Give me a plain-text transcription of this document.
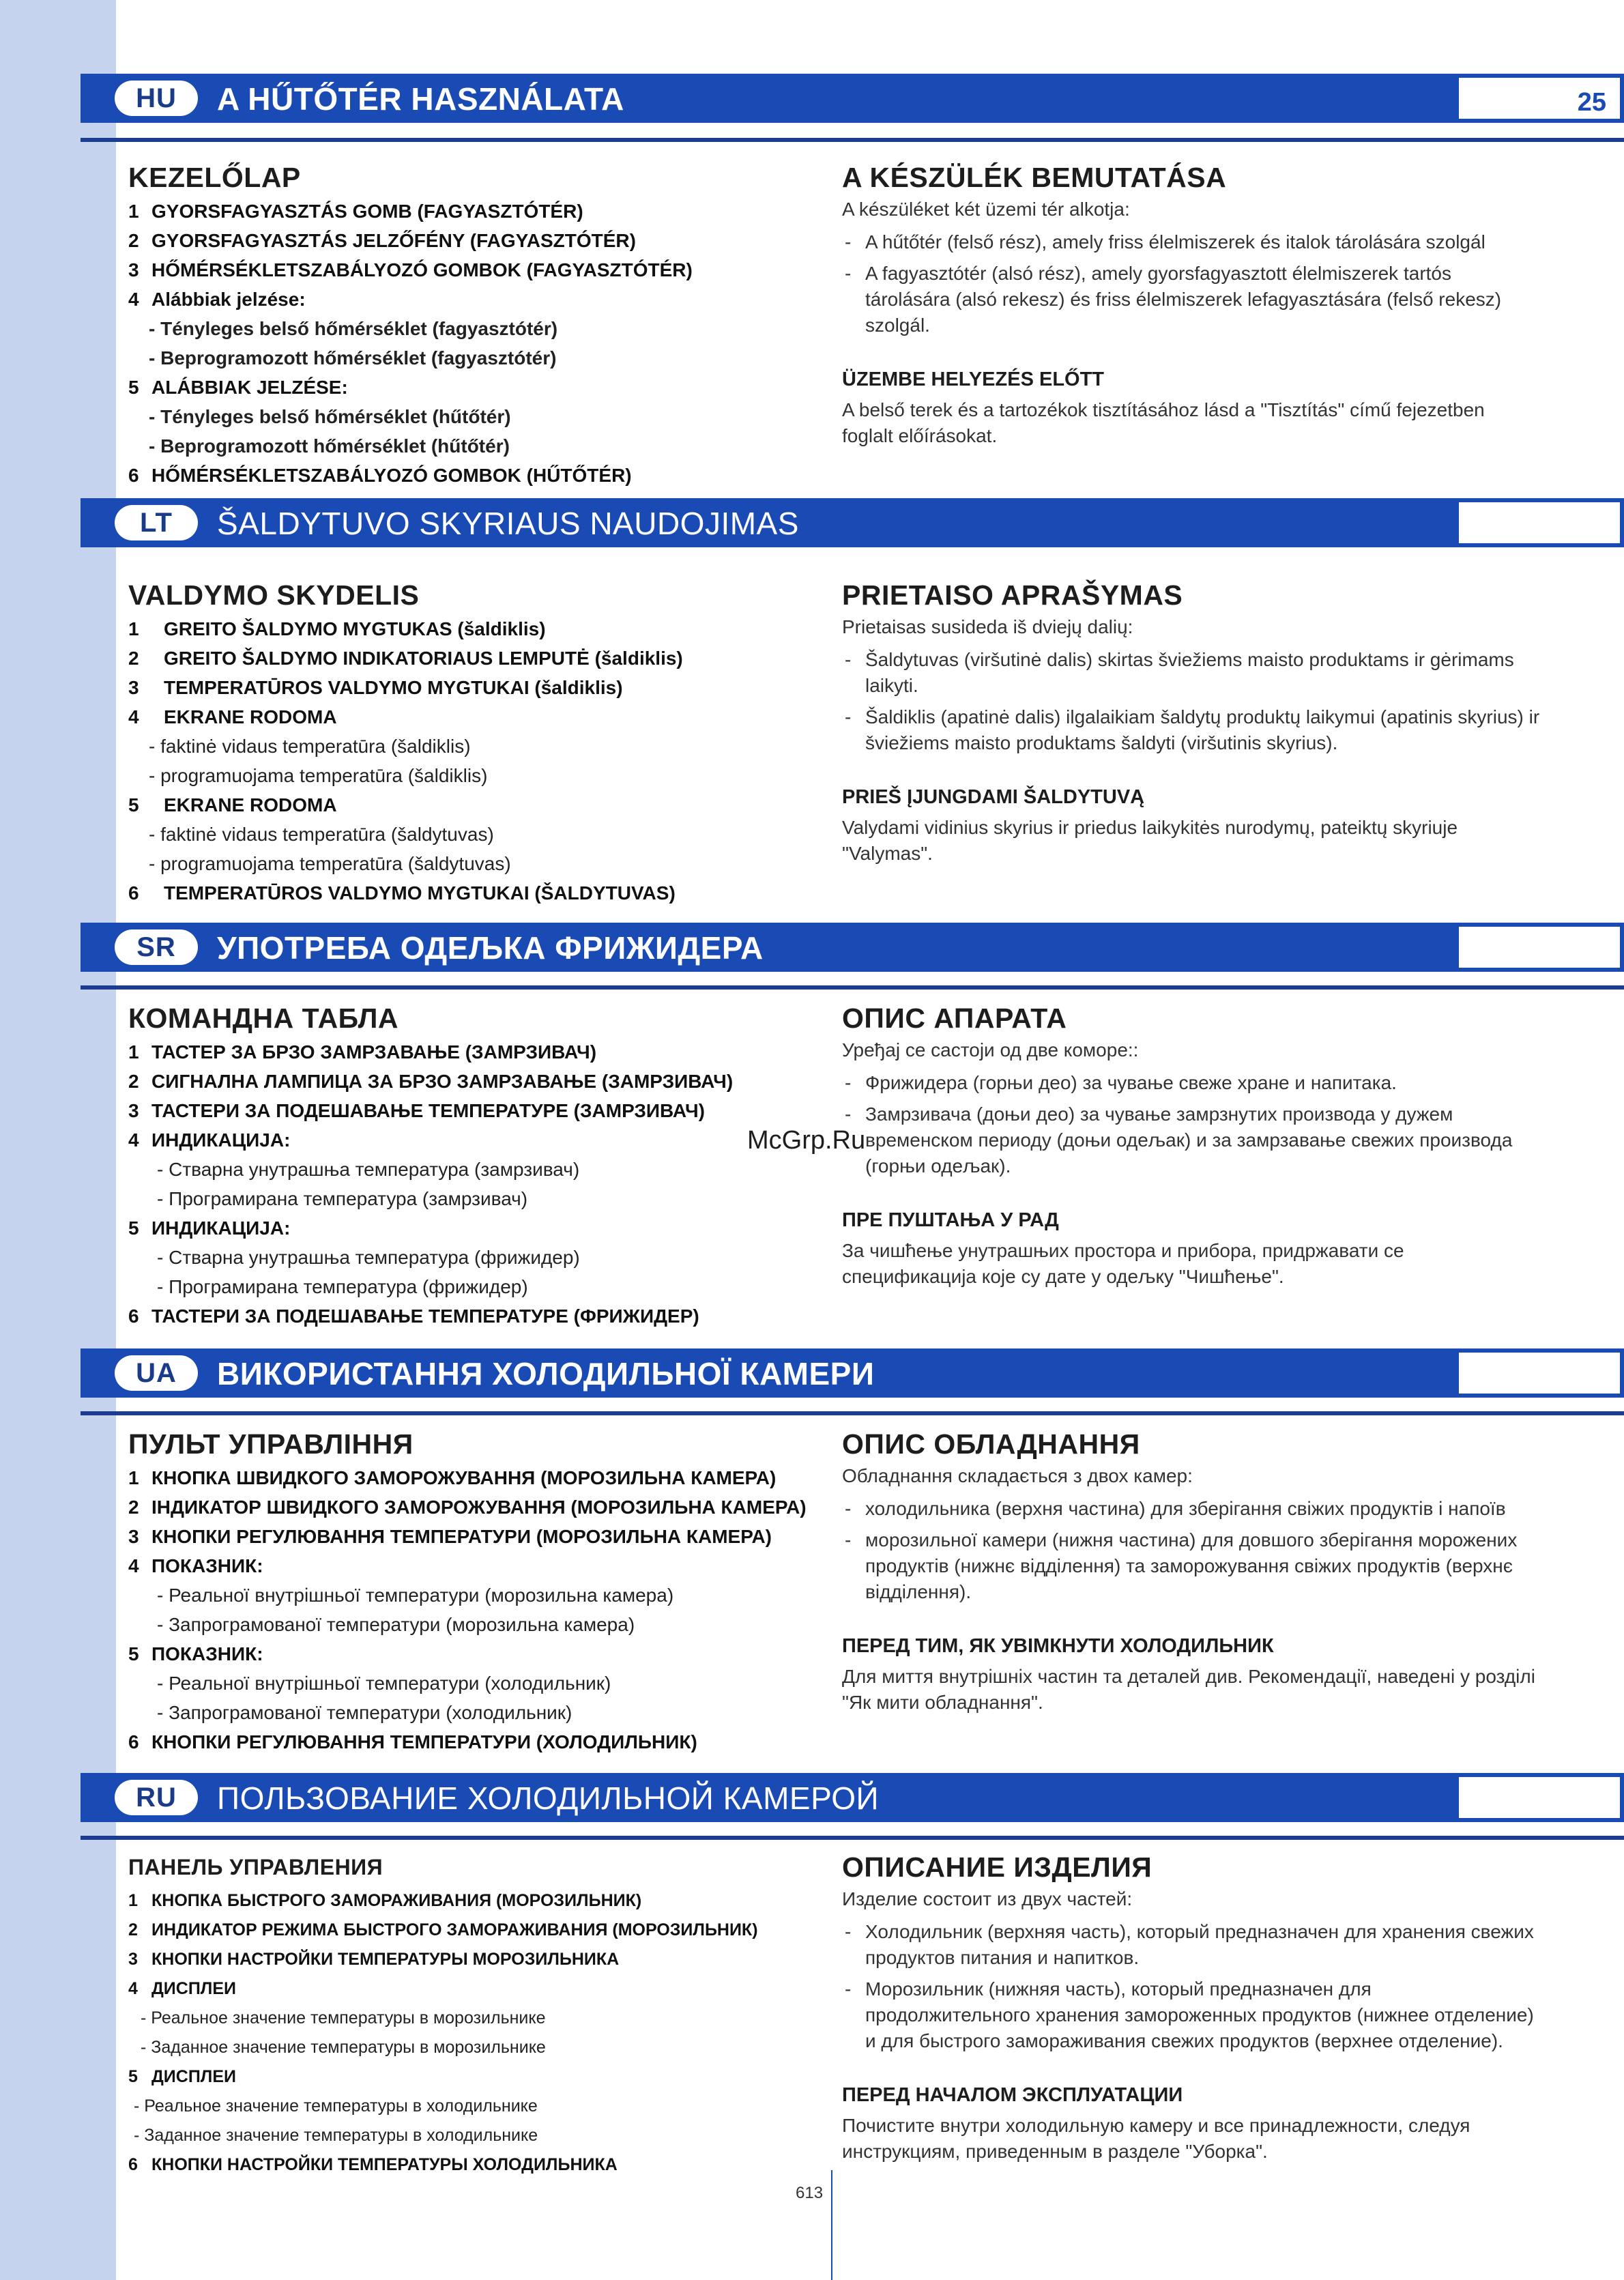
HU	A HŰTŐTÉR HASZNÁLATA	25
KEZELŐLAP
1 GYORSFAGYASZTÁS GOMB (FAGYASZTÓTÉR)
2 GYORSFAGYASZTÁS JELZŐFÉNY (FAGYASZTÓTÉR)
3 HŐMÉRSÉKLETSZABÁLYOZÓ GOMBOK (FAGYASZTÓTÉR)
4 Alábbiak jelzése:
- Tényleges belső hőmérséklet (fagyasztótér)
- Beprogramozott hőmérséklet (fagyasztótér)
5 ALÁBBIAK JELZÉSE:
- Tényleges belső hőmérséklet (hűtőtér)
- Beprogramozott hőmérséklet (hűtőtér)
6 HŐMÉRSÉKLETSZABÁLYOZÓ GOMBOK (HŰTŐTÉR)
A KÉSZÜLÉK BEMUTATÁSA
A készüléket két üzemi tér alkotja:
- A hűtőtér (felső rész), amely friss élelmiszerek és italok tárolására szolgál
- A fagyasztótér (alsó rész), amely gyorsfagyasztott élelmiszerek tartós tárolására (alsó rekesz) és friss élelmiszerek lefagyasztására (felső rekesz) szolgál.
ÜZEMBE HELYEZÉS ELŐTT
A belső terek és a tartozékok tisztításához lásd a "Tisztítás" című fejezetben foglalt előírásokat.
LT	ŠALDYTUVO SKYRIAUS NAUDOJIMAS
VALDYMO SKYDELIS
1 GREITO ŠALDYMO MYGTUKAS (šaldiklis)
2 GREITO ŠALDYMO INDIKATORIAUS LEMPUTĖ (šaldiklis)
3 TEMPERATŪROS VALDYMO MYGTUKAI (šaldiklis)
4 EKRANE RODOMA
- faktinė vidaus temperatūra (šaldiklis)
- programuojama temperatūra (šaldiklis)
5 EKRANE RODOMA
- faktinė vidaus temperatūra (šaldytuvas)
- programuojama temperatūra (šaldytuvas)
6 TEMPERATŪROS VALDYMO MYGTUKAI (ŠALDYTUVAS)
PRIETAISO APRAŠYMAS
Prietaisas susideda iš dviejų dalių:
- Šaldytuvas (viršutinė dalis) skirtas šviežiems maisto produktams ir gėrimams laikyti.
- Šaldiklis (apatinė dalis) ilgalaikiam šaldytų produktų laikymui (apatinis skyrius) ir šviežiems maisto produktams šaldyti (viršutinis skyrius).
PRIEŠ ĮJUNGDAMI ŠALDYTUVĄ
Valydami vidinius skyrius ir priedus laikykitės nurodymų, pateiktų skyriuje "Valymas".
SR	УПОТРЕБА ОДЕЉКА ФРИЖИДЕРА
КОМАНДНА ТАБЛА
1 ТАСТЕР ЗА БРЗО ЗАМРЗАВАЊЕ (ЗАМРЗИВАЧ)
2 СИГНАЛНА ЛАМПИЦА ЗА БРЗО ЗАМРЗАВАЊЕ (ЗАМРЗИВАЧ)
3 ТАСТЕРИ ЗА ПОДЕШАВАЊЕ ТЕМПЕРАТУРЕ (ЗАМРЗИВАЧ)
4 ИНДИКАЦИЈА:
- Стварна унутрашња температура (замрзивач)
- Програмирана температура (замрзивач)
5 ИНДИКАЦИЈА:
- Стварна унутрашња температура (фрижидер)
- Програмирана температура (фрижидер)
6 ТАСТЕРИ ЗА ПОДЕШАВАЊЕ ТЕМПЕРАТУРЕ (ФРИЖИДЕР)
ОПИС АПАРАТА
Уређај се састоји од две коморе::
- Фрижидера (горњи део) за чување свеже хране и напитака.
- Замрзивача (доњи део) за чување замрзнутих производа у дужем временском периоду (доњи одељак) и за замрзавање свежих производа (горњи одељак).
ПРЕ ПУШТАЊА У РАД
За чишћење унутрашњих простора и прибора, придржавати се спецификација које су дате у одељку "Чишћење".
McGrp.Ru
UA	ВИКОРИСТАННЯ ХОЛОДИЛЬНОЇ КАМЕРИ
ПУЛЬТ УПРАВЛІННЯ
1 КНОПКА ШВИДКОГО ЗАМОРОЖУВАННЯ (МОРОЗИЛЬНА КАМЕРА)
2 ІНДИКАТОР ШВИДКОГО ЗАМОРОЖУВАННЯ (МОРОЗИЛЬНА КАМЕРА)
3 КНОПКИ РЕГУЛЮВАННЯ ТЕМПЕРАТУРИ (МОРОЗИЛЬНА КАМЕРА)
4 ПОКАЗНИК:
- Реальної внутрішньої температури (морозильна камера)
- Запрограмованої температури (морозильна камера)
5 ПОКАЗНИК:
- Реальної внутрішньої температури (холодильник)
- Запрограмованої температури (холодильник)
6 КНОПКИ РЕГУЛЮВАННЯ ТЕМПЕРАТУРИ (ХОЛОДИЛЬНИК)
ОПИС ОБЛАДНАННЯ
Обладнання складається з двох камер:
- холодильника (верхня частина) для зберігання свіжих продуктів і напоїв
- морозильної камери (нижня частина) для довшого зберігання морожених продуктів (нижнє відділення) та заморожування свіжих продуктів (верхнє відділення).
ПЕРЕД ТИМ, ЯК УВІМКНУТИ ХОЛОДИЛЬНИК
Для миття внутрішніх частин та деталей див. Рекомендації, наведені у розділі "Як мити обладнання".
RU	ПОЛЬЗОВАНИЕ ХОЛОДИЛЬНОЙ КАМЕРОЙ
ПАНЕЛЬ УПРАВЛЕНИЯ
1 КНОПКА БЫСТРОГО ЗАМОРАЖИВАНИЯ (МОРОЗИЛЬНИК)
2 ИНДИКАТОР РЕЖИМА БЫСТРОГО ЗАМОРАЖИВАНИЯ (МОРОЗИЛЬНИК)
3 КНОПКИ НАСТРОЙКИ ТЕМПЕРАТУРЫ МОРОЗИЛЬНИКА
4 ДИСПЛЕИ
- Реальное значение температуры в морозильнике
- Заданное значение температуры в морозильнике
5 ДИСПЛЕИ
- Реальное значение температуры в холодильнике
- Заданное значение температуры в холодильнике
6 КНОПКИ НАСТРОЙКИ ТЕМПЕРАТУРЫ ХОЛОДИЛЬНИКА
ОПИСАНИЕ ИЗДЕЛИЯ
Изделие состоит из двух частей:
- Холодильник (верхняя часть), который предназначен для хранения свежих продуктов питания и напитков.
- Морозильник (нижняя часть), который предназначен для продолжительного хранения замороженных продуктов (нижнее отделение) и для быстрого замораживания свежих продуктов (верхнее отделение).
ПЕРЕД НАЧАЛОМ ЭКСПЛУАТАЦИИ
Почистите внутри холодильную камеру и все принадлежности, следуя инструкциям, приведенным в разделе "Уборка".
613
